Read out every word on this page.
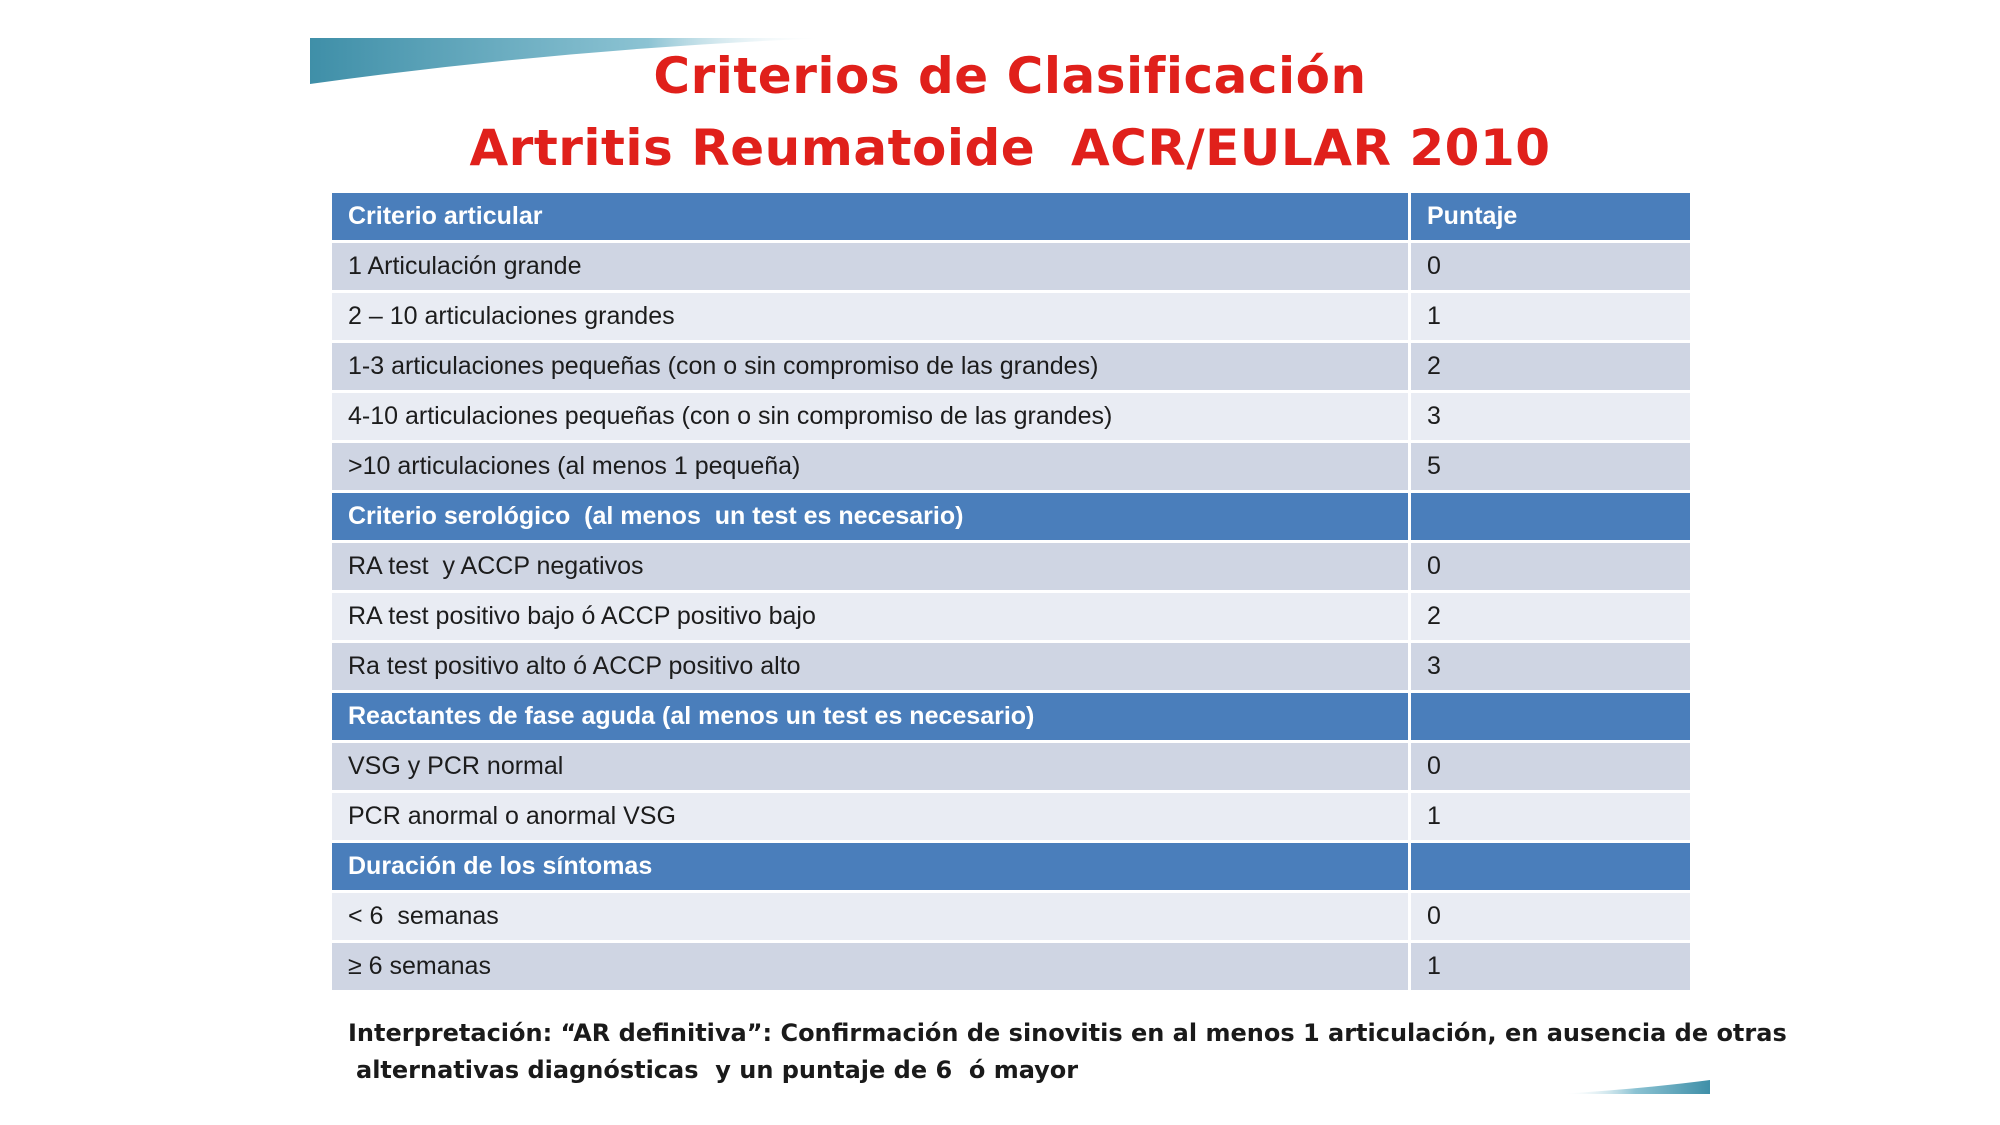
Criterios de Clasificación
Artritis Reumatoide  ACR/EULAR 2010
Criterio articular	Puntaje
1 Articulación grande	0
2 – 10 articulaciones grandes	1
1-3 articulaciones pequeñas (con o sin compromiso de las grandes)	2
4-10 articulaciones pequeñas (con o sin compromiso de las grandes)	3
>10 articulaciones (al menos 1 pequeña)	5
Criterio serológico  (al menos  un test es necesario)	
RA test  y ACCP negativos	0
RA test positivo bajo ó ACCP positivo bajo	2
Ra test positivo alto ó ACCP positivo alto	3
Reactantes de fase aguda (al menos un test es necesario)	
VSG y PCR normal	0
PCR anormal o anormal VSG	1
Duración de los síntomas	
< 6  semanas	0
≥ 6 semanas	1
Interpretación: “AR definitiva”: Confirmación de sinovitis en al menos 1 articulación, en ausencia de otras
alternativas diagnósticas  y un puntaje de 6  ó mayor
